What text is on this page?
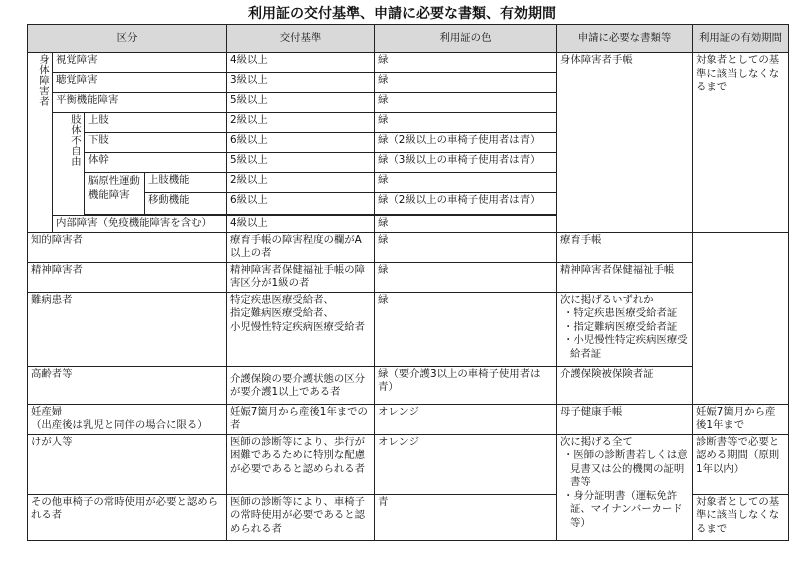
利用証の交付基準、申請に必要な書類、有効期間
区分				交付基準	利用証の色	申請に必要な書類等	利用証の有効期間
身体障害者	視覚障害			4級以上	緑	身体障害者手帳	対象者としての基準に該当しなくなるまで
	聴覚障害			3級以上	緑		
	平衡機能障害			5級以上	緑		
	肢体不自由	上肢		2級以上	緑		
		下肢		6級以上	緑（2級以上の車椅子使用者は青）		
		体幹		5級以上	緑（3級以上の車椅子使用者は青）		
		脳原性運動機能障害	上肢機能	2級以上	緑		
			移動機能	6級以上	緑（2級以上の車椅子使用者は青）		

	内部障害（免疫機能障害を含む）			4級以上	緑		
知的障害者				療育手帳の障害程度の欄がA以上の者	緑	療育手帳	
精神障害者				精神障害者保健福祉手帳の障害区分が1級の者	緑	精神障害者保健福祉手帳	
難病患者				特定疾患医療受給者、
指定難病医療受給者、
小児慢性特定疾病医療受給者	緑	次に掲げるいずれか
・特定疾患医療受給者証
・指定難病医療受給者証
・小児慢性特定疾病医療受給者証	

高齢者等				介護保険の要介護状態の区分が要介護1以上である者	緑（要介護3以上の車椅子使用者は青）	介護保険被保険者証	

妊産婦
（出産後は乳児と同伴の場合に限る）				妊娠7箇月から産後1年までの者	オレンジ	母子健康手帳	妊娠7箇月から産後1年まで
けが人等				医師の診断等により、歩行が困難であるために特別な配慮が必要であると認められる者	オレンジ	次に掲げる全て
・医師の診断書若しくは意見書又は公的機関の証明書等
・身分証明書（運転免許証、マイナンバーカード等）	診断書等で必要と認める期間（原則1年以内）
その他車椅子の常時使用が必要と認められる者				医師の診断等により、車椅子の常時使用が必要であると認められる者	青		対象者としての基準に該当しなくなるまで
